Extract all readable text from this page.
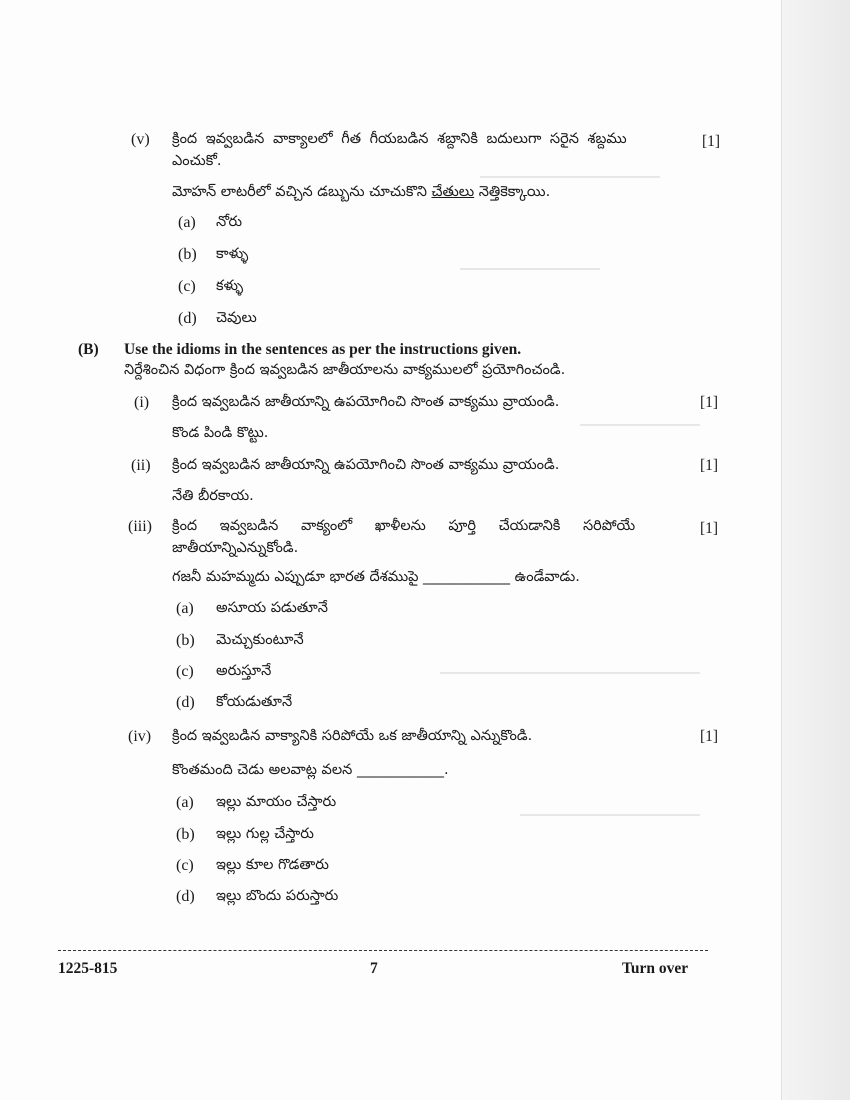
(v) క్రింద ఇవ్వబడిన వాక్యాలలో గీత గీయబడిన శబ్దానికి బదులుగా సరైన శబ్దము	[1]
ఎంచుకో.
మోహన్ లాటరీలో వచ్చిన డబ్బును చూచుకొని చేతులు నెత్తికెక్కాయి.
(a) నోరు
(b) కాళ్ళు
(c) కళ్ళు
(d) చెవులు
(B) Use the idioms in the sentences as per the instructions given.
నిర్దేశించిన విధంగా క్రింద ఇవ్వబడిన జాతీయాలను వాక్యములలో ప్రయోగించండి.
(i) క్రింద ఇవ్వబడిన జాతీయాన్ని ఉపయోగించి సొంత వాక్యము వ్రాయండి.	[1]
కొండ పిండి కొట్టు.
(ii) క్రింద ఇవ్వబడిన జాతీయాన్ని ఉపయోగించి సొంత వాక్యము వ్రాయండి.	[1]
నేతి బీరకాయ.
(iii) క్రింద ఇవ్వబడిన వాక్యంలో ఖాళీలను పూర్తి చేయడానికి సరిపోయే	[1]
జాతీయాన్నిఎన్నుకోండి.
గజనీ మహమ్మదు ఎప్పుడూ భారత దేశముపై ____________ ఉండేవాడు.
(a) అసూయ పడుతూనే
(b) మెచ్చుకుంటూనే
(c) అరుస్తూనే
(d) కోయడుతూనే
(iv) క్రింద ఇవ్వబడిన వాక్యానికి సరిపోయే ఒక జాతీయాన్ని ఎన్నుకొండి.	[1]
కొంతమంది చెడు అలవాట్ల వలన ____________.
(a) ఇల్లు మాయం చేస్తారు
(b) ఇల్లు గుల్ల చేస్తారు
(c) ఇల్లు కూల గొడతారు
(d) ఇల్లు బొందు పరుస్తారు
1225-815	7	Turn over
